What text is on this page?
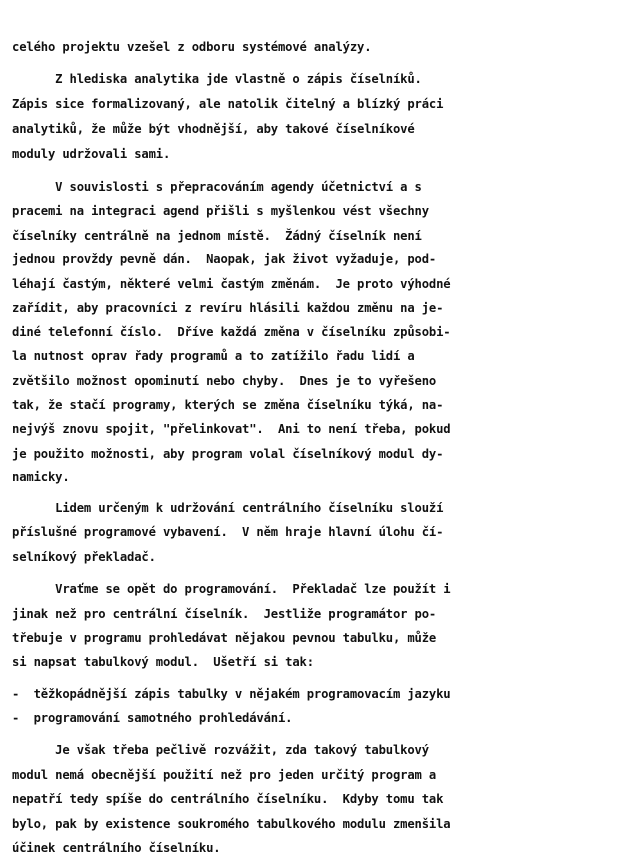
celého projektu vzešel z odboru systémové analýzy.
Z hlediska analytika jde vlastně o zápis číselníků.
Zápis sice formalizovaný, ale natolik čitelný a blízký práci
analytiků, že může být vhodnější, aby takové číselníkové
moduly udržovali sami.
V souvislosti s přepracováním agendy účetnictví a s
pracemi na integraci agend přišli s myšlenkou vést všechny
číselníky centrálně na jednom místě.  Žádný číselník není
jednou provždy pevně dán.  Naopak, jak život vyžaduje, pod-
léhají častým, některé velmi častým změnám.  Je proto výhodné
zařídit, aby pracovníci z revíru hlásili každou změnu na je-
diné telefonní číslo.  Dříve každá změna v číselníku způsobi-
la nutnost oprav řady programů a to zatížilo řadu lidí a
zvětšilo možnost opominutí nebo chyby.  Dnes je to vyřešeno
tak, že stačí programy, kterých se změna číselníku týká, na-
nejvýš znovu spojit, "přelinkovat".  Ani to není třeba, pokud
je použito možnosti, aby program volal číselníkový modul dy-
namicky.
Lidem určeným k udržování centrálního číselníku slouží
příslušné programové vybavení.  V něm hraje hlavní úlohu čí-
selníkový překladač.
Vraťme se opět do programování.  Překladač lze použít i
jinak než pro centrální číselník.  Jestliže programátor po-
třebuje v programu prohledávat nějakou pevnou tabulku, může
si napsat tabulkový modul.  Ušetří si tak:
-  těžkopádnější zápis tabulky v nějakém programovacím jazyku
-  programování samotného prohledávání.
Je však třeba pečlivě rozvážit, zda takový tabulkový
modul nemá obecnější použití než pro jeden určitý program a
nepatří tedy spíše do centrálního číselníku.  Kdyby tomu tak
bylo, pak by existence soukromého tabulkového modulu zmenšila
účinek centrálního číselníku.
